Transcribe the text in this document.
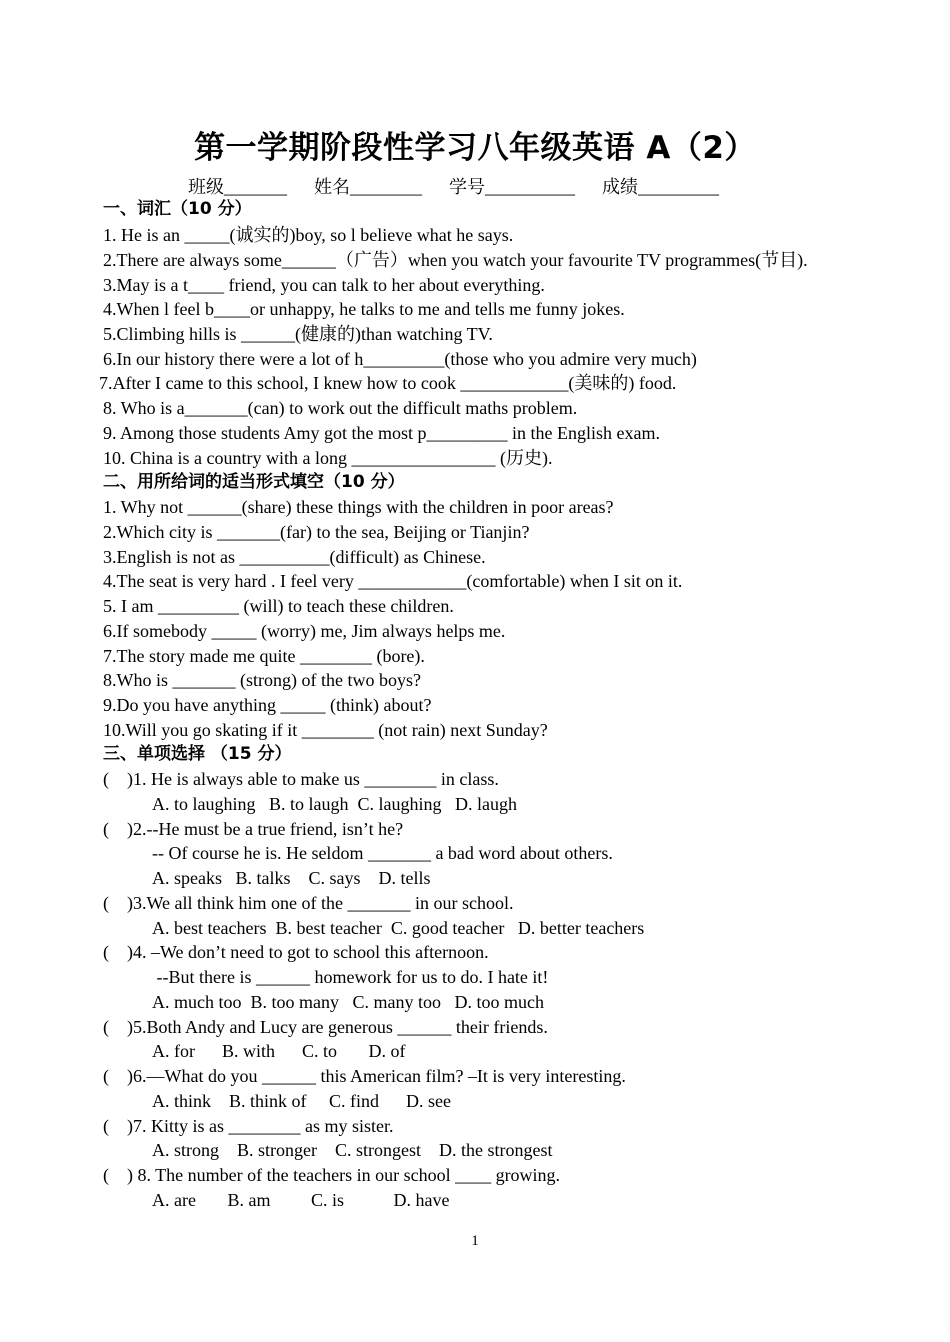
第一学期阶段性学习八年级英语 A（2）
班级_______      姓名________      学号__________      成绩_________
一、词汇（10 分）
1. He is an _____(诚实的)boy, so l believe what he says.
2.There are always some______（广告）when you watch your favourite TV programmes(节目).
3.May is a t____ friend, you can talk to her about everything.
4.When l feel b____or unhappy, he talks to me and tells me funny jokes.
5.Climbing hills is ______(健康的)than watching TV.
6.In our history there were a lot of h_________(those who you admire very much)
7.After I came to this school, I knew how to cook ____________(美味的) food.
8. Who is a_______(can) to work out the difficult maths problem.
9. Among those students Amy got the most p_________ in the English exam.
10. China is a country with a long ________________ (历史).
二、用所给词的适当形式填空（10 分）
1. Why not ______(share) these things with the children in poor areas?
2.Which city is _______(far) to the sea, Beijing or Tianjin?
3.English is not as __________(difficult) as Chinese.
4.The seat is very hard . I feel very ____________(comfortable) when I sit on it.
5. I am _________ (will) to teach these children.
6.If somebody _____ (worry) me, Jim always helps me.
7.The story made me quite ________ (bore).
8.Who is _______ (strong) of the two boys?
9.Do you have anything _____ (think) about?
10.Will you go skating if it ________ (not rain) next Sunday?
三、单项选择 （15 分）
(    )1. He is always able to make us ________ in class.
A. to laughing   B. to laugh  C. laughing   D. laugh
(    )2.--He must be a true friend, isn’t he?
-- Of course he is. He seldom _______ a bad word about others.
A. speaks   B. talks    C. says    D. tells
(    )3.We all think him one of the _______ in our school.
A. best teachers  B. best teacher  C. good teacher   D. better teachers
(    )4. –We don’t need to got to school this afternoon.
--But there is ______ homework for us to do. I hate it!
A. much too  B. too many   C. many too   D. too much
(    )5.Both Andy and Lucy are generous ______ their friends.
A. for      B. with      C. to       D. of
(    )6.—What do you ______ this American film? –It is very interesting.
A. think    B. think of     C. find      D. see
(    )7. Kitty is as ________ as my sister.
A. strong    B. stronger    C. strongest    D. the strongest
(    ) 8. The number of the teachers in our school ____ growing.
A. are       B. am         C. is           D. have
1
